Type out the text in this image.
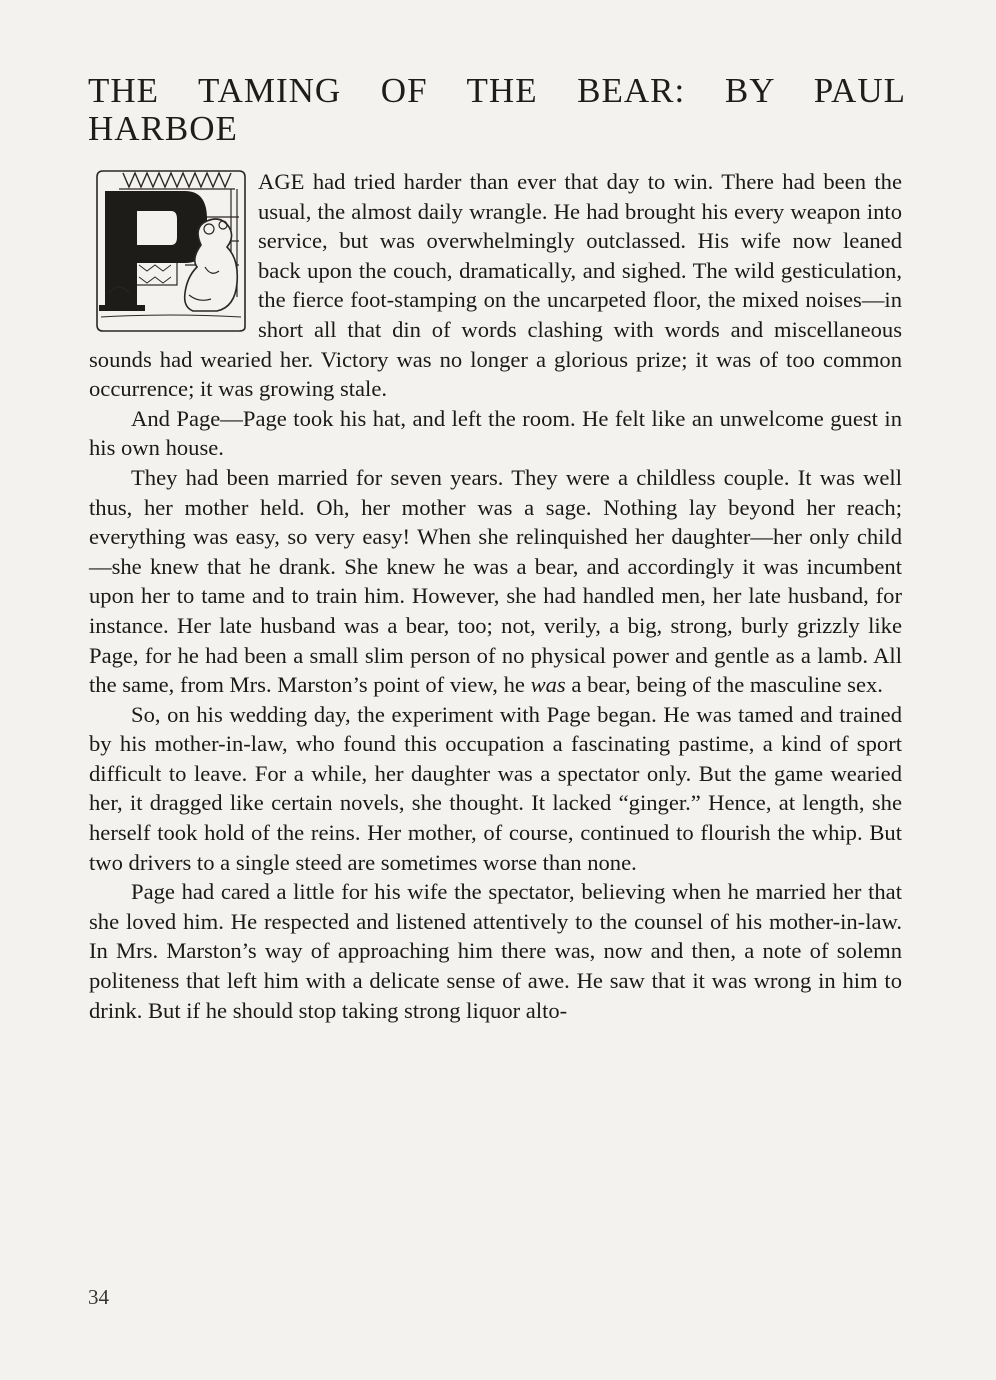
THE TAMING OF THE BEAR: BY PAUL
HARBOE

AGE had tried harder than ever that day to win. There had been the usual, the almost daily wrangle. He had brought his every weapon into service, but was overwhelmingly outclassed. His wife now leaned back upon the couch, dramatically, and sighed. The wild gesticulation, the fierce foot-stamping on the uncarpeted floor, the mixed noises—in short all that din of words clashing with words and miscellaneous sounds had wearied her. Victory was no longer a glorious prize; it was of too common occurrence; it was growing stale.

And Page—Page took his hat, and left the room. He felt like an unwelcome guest in his own house.

They had been married for seven years. They were a childless couple. It was well thus, her mother held. Oh, her mother was a sage. Nothing lay beyond her reach; everything was easy, so very easy! When she relinquished her daughter—her only child—she knew that he drank. She knew he was a bear, and accordingly it was incumbent upon her to tame and to train him. However, she had handled men, her late husband, for instance. Her late husband was a bear, too; not, verily, a big, strong, burly grizzly like Page, for he had been a small slim person of no physical power and gentle as a lamb. All the same, from Mrs. Marston’s point of view, he was a bear, being of the masculine sex.

So, on his wedding day, the experiment with Page began. He was tamed and trained by his mother-in-law, who found this occupation a fascinating pastime, a kind of sport difficult to leave. For a while, her daughter was a spectator only. But the game wearied her, it dragged like certain novels, she thought. It lacked “ginger.” Hence, at length, she herself took hold of the reins. Her mother, of course, continued to flourish the whip. But two drivers to a single steed are sometimes worse than none.

Page had cared a little for his wife the spectator, believing when he married her that she loved him. He respected and listened attentively to the counsel of his mother-in-law. In Mrs. Marston’s way of approaching him there was, now and then, a note of solemn politeness that left him with a delicate sense of awe. He saw that it was wrong in him to drink. But if he should stop taking strong liquor alto-

34
